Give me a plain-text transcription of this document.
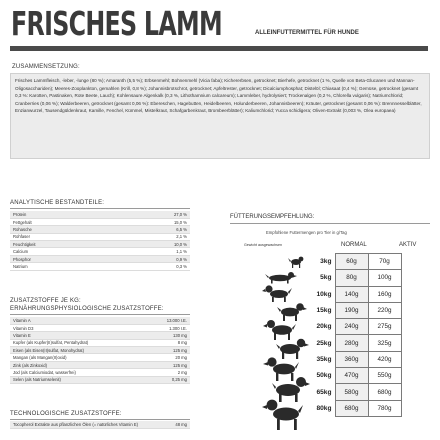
FRISCHES LAMM	ALLEINFUTTERMITTEL FÜR HUNDE
ZUSAMMENSETZUNG:
Frisches Lammfleisch, -leber, -lunge (80 %); Amaranth (5,5 %); Erbsenmehl; Bohnenmehl (Vicia faba); Kichererbsen, getrocknet; Bierhefe, getrocknet (1 %, Quelle von Beta-Glucanen und Mannan-Oligosacchariden); Meeres-Zooplankton, gemahlen (Krill, 0,8 %); Johannisbrotschrot, getrocknet; Apfeltrester, getrocknet; Dicalciumphosphat; Distelöl; Chiasaat (0,4 %); Gemüse, getrocknet (gesamt 0,3 %: Karotten, Pastinaken, Rote Beete, Lauch); Kohlensaure Algenkalk (0,3 %, Lithothamnium calcareum); Lammleber, hydrolysiert; Trockenalgen (0,2 %, Chlorella vulgaris); Natriumchlorid; Cranberries (0,06 %); Walderbeeren, getrocknet (gesamt 0,06 %): Ebereschen, Hagebutten, Heidelbeeren, Holunderbeeren, Johannisbeeren); Kräuter, getrocknet (gesamt 0,06 %): Brennnesselblätter, Enzianwurzel, Tausendgüldenkraut, Kamille, Fenchel, Kümmel, Mistelkraut, Schafgarbenkraut, Brombeerblätter); Kaliumchlorid; Yucca schidigera; Oliven-Extrakt (0,003 %, Olea europaea)
ANALYTISCHE BESTANDTEILE:
Protein	27,0 %
Fettgehalt	15,0 %
Rohasche	6,5 %
Rohfaser	2,1 %
Feuchtigkeit	10,0 %
Calcium	1,1 %
Phosphor	0,9 %
Natrium	0,3 %
ZUSATZSTOFFE JE KG:
ERNÄHRUNGSPHYSIOLOGISCHE ZUSATZSTOFFE:
Vitamin A	13.000 I.E.
Vitamin D3	1.300 I.E.
Vitamin E	130 mg
Kupfer (als Kupfer(II)sulfat, Pentahydrat)	8 mg
Eisen (als Eisen(II)sulfat, Monohydrat)	125 mg
Mangan (als Mangan(II)oxid)	20 mg
Zink (als Zinkoxid)	125 mg
Jod (als Calciumiodat, wasserfrei)	2 mg
Selen (als Natriumselenit)	0,25 mg
TECHNOLOGISCHE ZUSATZSTOFFE:
Tocopherol Extrakte aus pflanzlichen Ölen (= natürliches Vitamin E)	48 mg
FÜTTERUNGSEMPFEHLUNG:
Empfohlene Futtermengen pro Tier in g/Tag
Gewicht ausgewachsen	NORMAL	AKTIV
3kg	60g	70g
5kg	80g	100g
10kg	140g	160g
15kg	190g	220g
20kg	240g	275g
25kg	280g	325g
35kg	360g	420g
50kg	470g	550g
65kg	580g	680g
80kg	680g	780g
